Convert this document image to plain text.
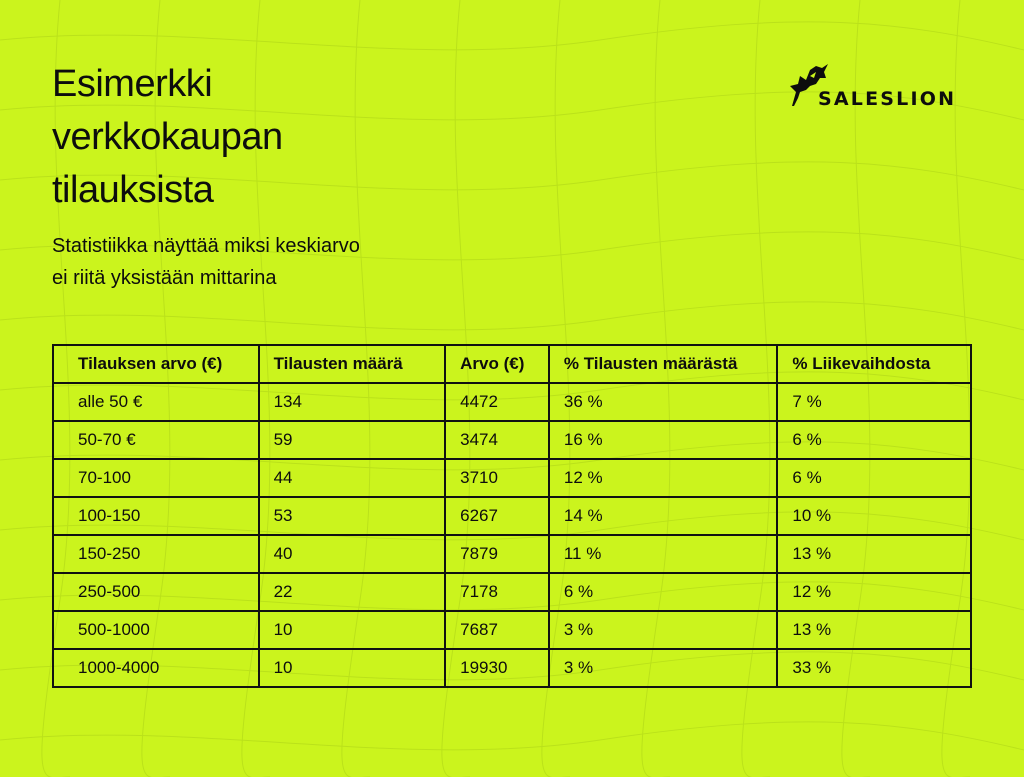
Esimerkki
verkkokaupan
tilauksista

Statistiikka näyttää miksi keskiarvo
ei riitä yksistään mittarina

SALESLION
Tilauksen arvo (€)	Tilausten määrä	Arvo (€)	% Tilausten määrästä	% Liikevaihdosta
alle 50 €	134	4472	36 %	7 %
50-70 €	59	3474	16 %	6 %
70-100	44	3710	12 %	6 %
100-150	53	6267	14 %	10 %
150-250	40	7879	11 %	13 %
250-500	22	7178	6 %	12 %
500-1000	10	7687	3 %	13 %
1000-4000	10	19930	3 %	33 %
